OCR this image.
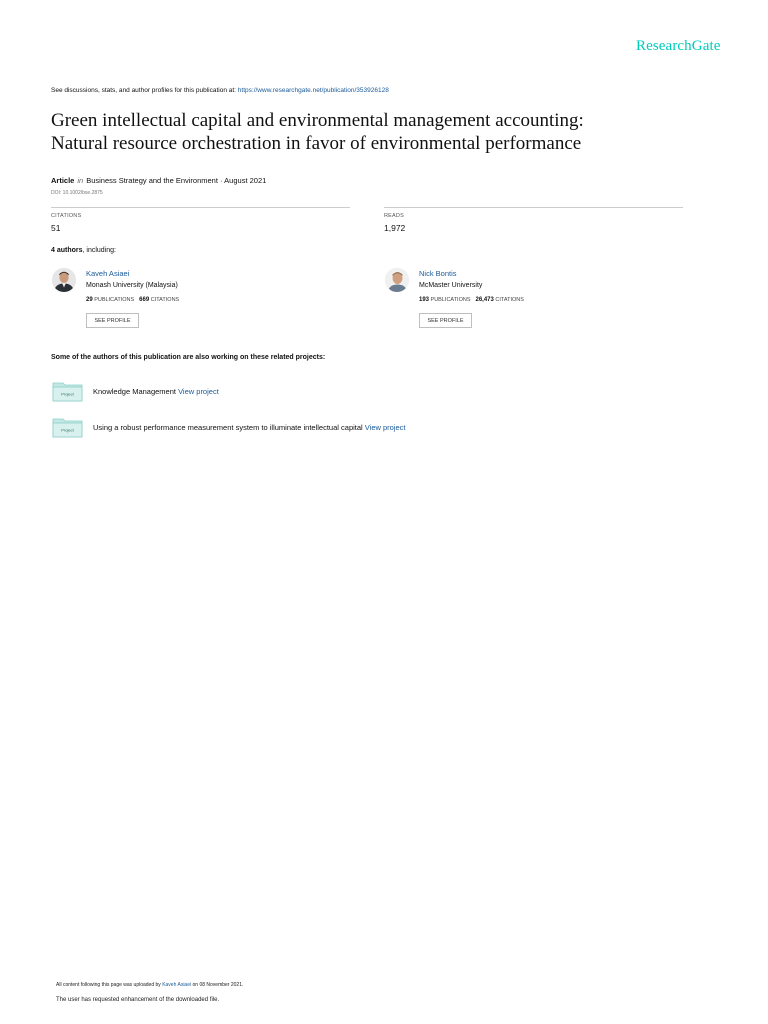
ResearchGate
See discussions, stats, and author profiles for this publication at: https://www.researchgate.net/publication/353926128
Green intellectual capital and environmental management accounting:
Natural resource orchestration in favor of environmental performance
Article in Business Strategy and the Environment · August 2021
DOI: 10.1002/bse.2875
CITATIONS
51
READS
1,972
4 authors, including:
Kaveh Asiaei
Monash University (Malaysia)
29 PUBLICATIONS 669 CITATIONS
SEE PROFILE
Nick Bontis
McMaster University
193 PUBLICATIONS 26,473 CITATIONS
SEE PROFILE
Some of the authors of this publication are also working on these related projects:
Project	Knowledge Management View project
Project	Using a robust performance measurement system to illuminate intellectual capital View project
All content following this page was uploaded by Kaveh Asiaei on 08 November 2021.
The user has requested enhancement of the downloaded file.
